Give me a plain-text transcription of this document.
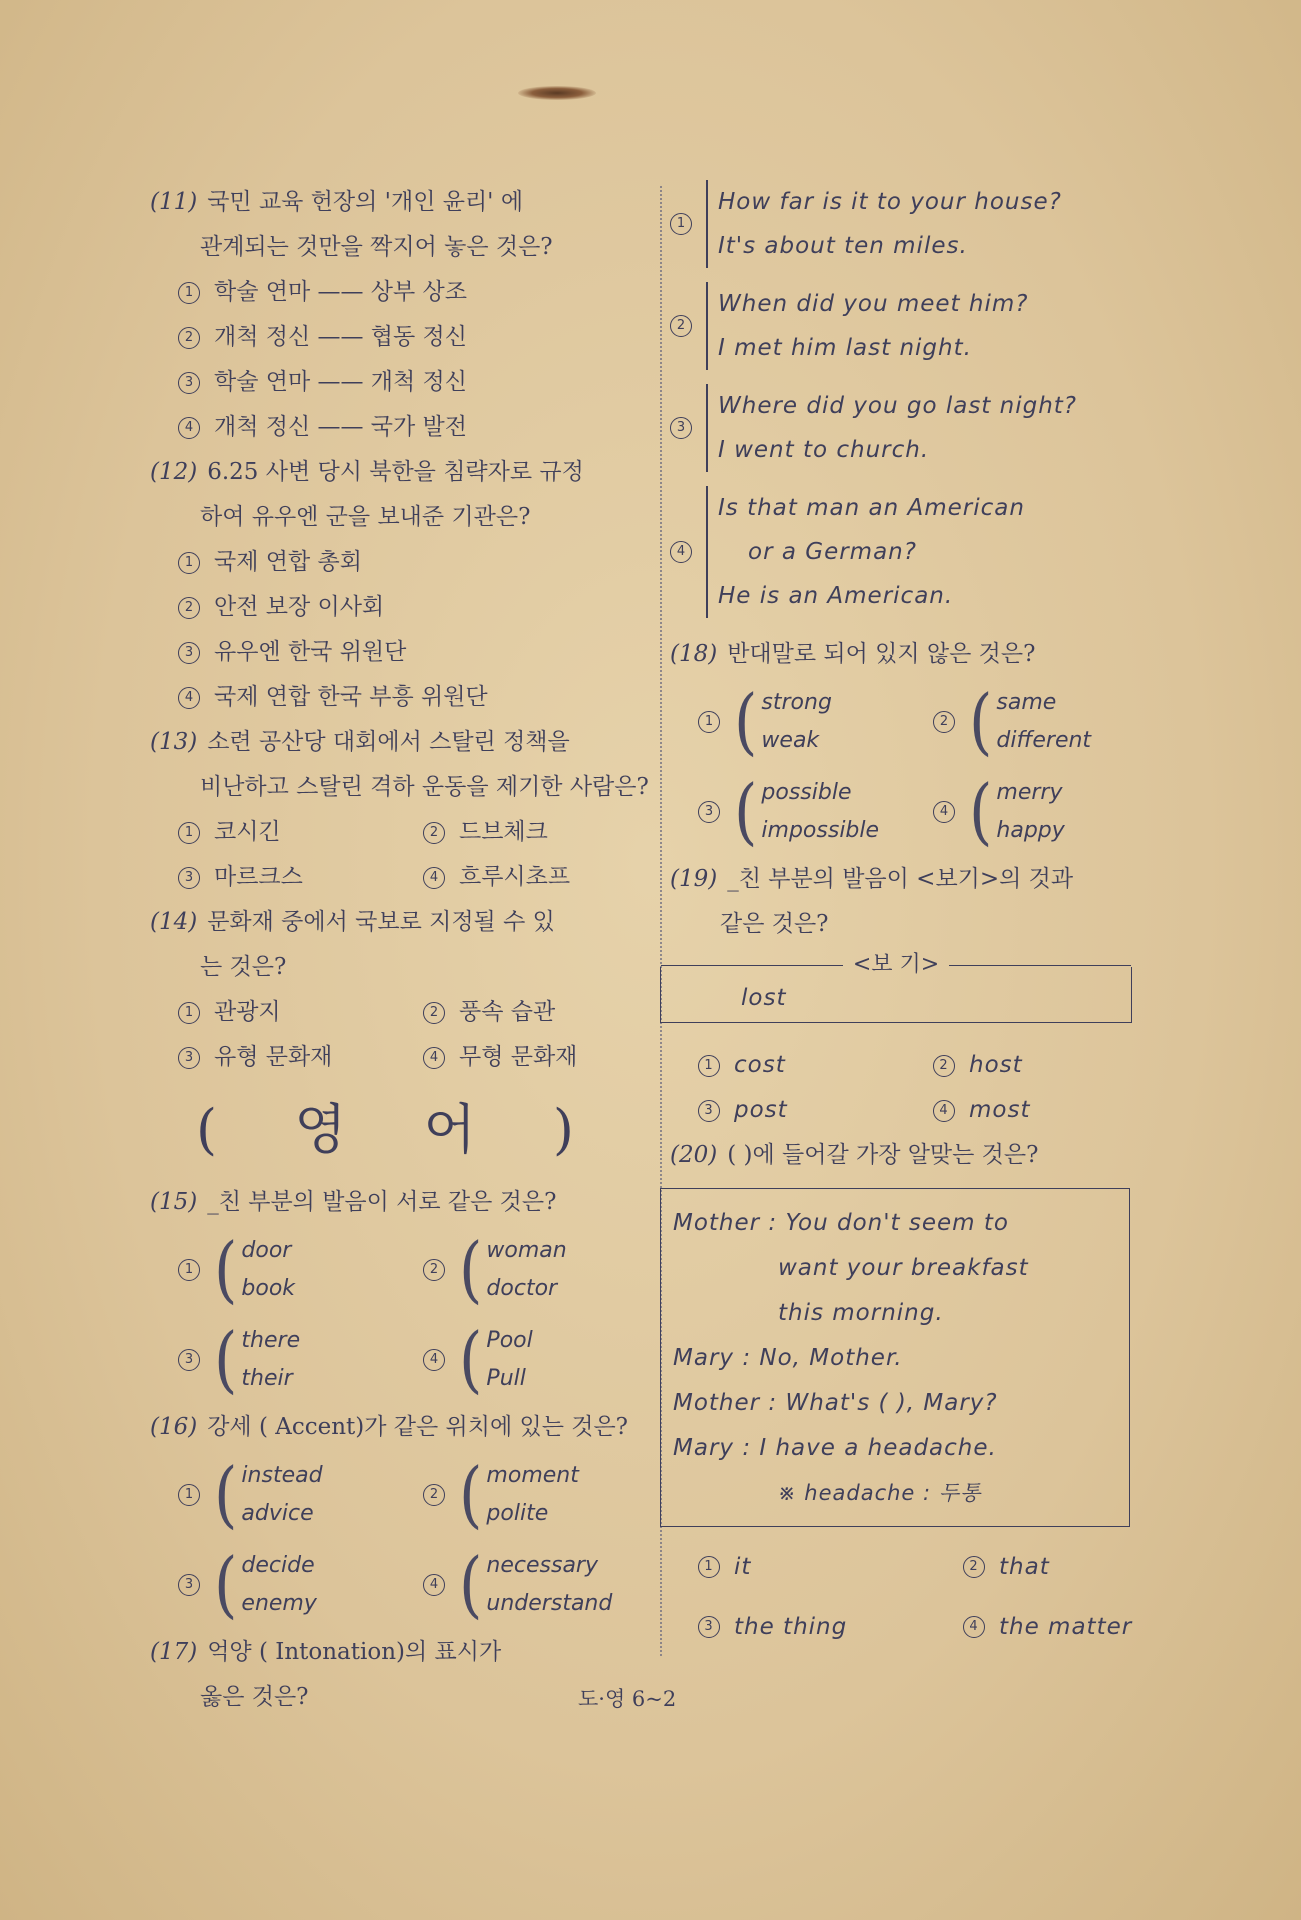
(11) 국민 교육 헌장의 '개인 윤리' 에
관계되는 것만을 짝지어 놓은 것은?
1 학술 연마 —— 상부 상조
2 개척 정신 —— 협동 정신
3 학술 연마 —— 개척 정신
4 개척 정신 —— 국가 발전
(12) 6.25 사변 당시 북한을 침략자로 규정
하여 유우엔 군을 보내준 기관은?
1 국제 연합 총회
2 안전 보장 이사회
3 유우엔 한국 위원단
4 국제 연합 한국 부흥 위원단
(13) 소련 공산당 대회에서 스탈린 정책을
비난하고 스탈린 격하 운동을 제기한 사람은?
1 코시긴	2 드브체크
3 마르크스	4 흐루시초프
(14) 문화재 중에서 국보로 지정될 수 있
는 것은?
1 관광지	2 풍속 습관
3 유형 문화재	4 무형 문화재
( 영 어 )
(15) _친 부분의 발음이 서로 같은 것은?
1 ( door
book
2 ( woman
doctor
3 ( there
their
4 ( Pool
Pull
(16) 강세 ( Accent)가 같은 위치에 있는 것은?
1 ( instead
advice
2 ( moment
polite
3 ( decide
enemy
4 ( necessary
understand
(17) 억양 ( Intonation)의 표시가
옳은 것은?
1
How far is it to your house?
It's about ten miles.
2
When did you meet him?
I met him last night.
3
Where did you go last night?
I went to church.
4
Is that man an American
or a German?
He is an American.
(18) 반대말로 되어 있지 않은 것은?
1 ( strong
weak
2 ( same
different
3 ( possible
impossible
4 ( merry
happy
(19) _친 부분의 발음이 <보기>의 것과
같은 것은?
<보 기>
lost
1 cost	2 host
3 post	4 most
(20) ( )에 들어갈 가장 알맞는 것은?
Mother : You don't seem to
want your breakfast
this morning.
Mary : No, Mother.
Mother : What's ( ), Mary?
Mary : I have a headache.
※ headache : 두통
1 it	2 that
3 the thing	4 the matter
도·영 6~2
